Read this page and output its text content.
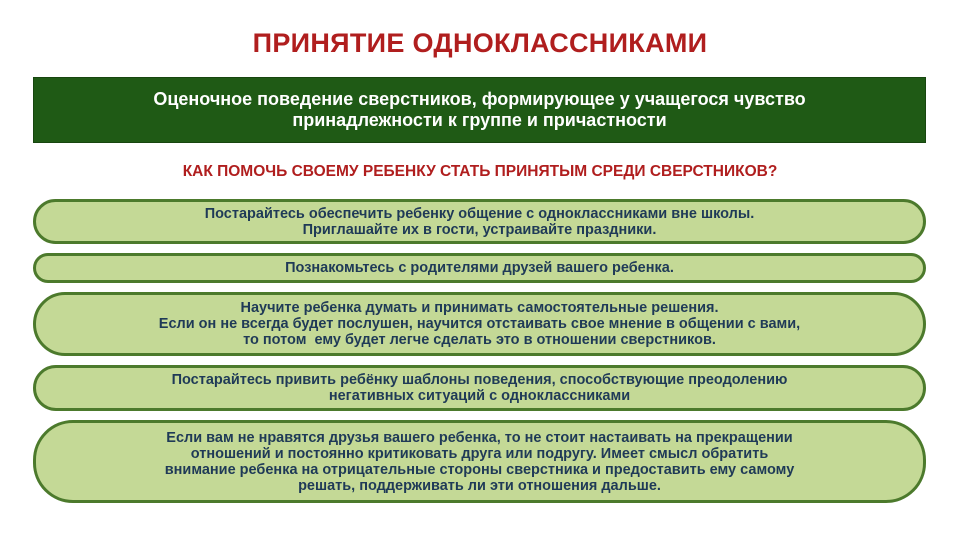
ПРИНЯТИЕ ОДНОКЛАССНИКАМИ
Оценочное поведение сверстников, формирующее у учащегося чувство
принадлежности к группе и причастности
КАК ПОМОЧЬ СВОЕМУ РЕБЕНКУ СТАТЬ ПРИНЯТЫМ СРЕДИ СВЕРСТНИКОВ?
Постарайтесь обеспечить ребенку общение с одноклассниками вне школы.
Приглашайте их в гости, устраивайте праздники.
Познакомьтесь с родителями друзей вашего ребенка.
Научите ребенка думать и принимать самостоятельные решения.
Если он не всегда будет послушен, научится отстаивать свое мнение в общении с вами,
то потом  ему будет легче сделать это в отношении сверстников.
Постарайтесь привить ребёнку шаблоны поведения, способствующие преодолению
негативных ситуаций с одноклассниками
Если вам не нравятся друзья вашего ребенка, то не стоит настаивать на прекращении
отношений и постоянно критиковать друга или подругу. Имеет смысл обратить
внимание ребенка на отрицательные стороны сверстника и предоставить ему самому
решать, поддерживать ли эти отношения дальше.
